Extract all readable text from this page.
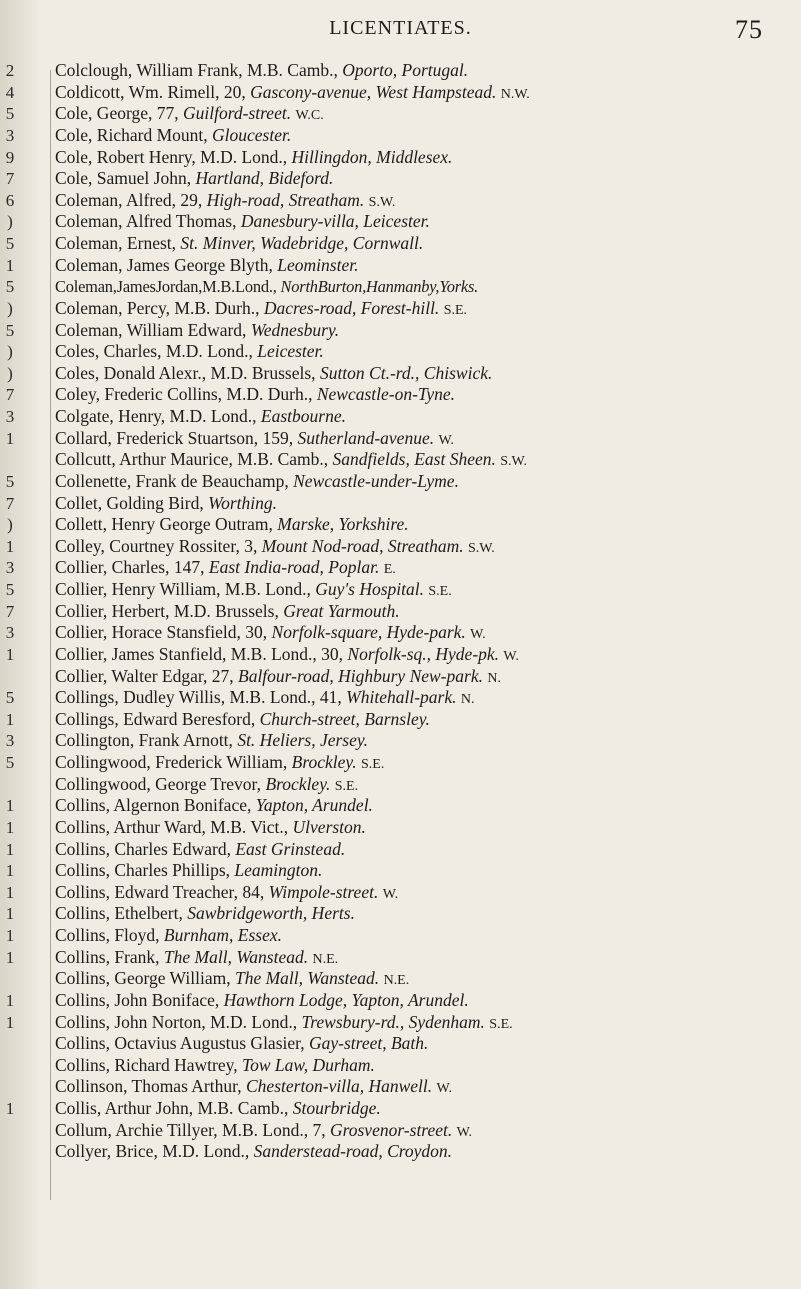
LICENTIATES.	75
2 Colclough, William Frank, M.B. Camb., Oporto, Portugal.
4 Coldicott, Wm. Rimell, 20, Gascony-avenue, West Hampstead. N.W.
5 Cole, George, 77, Guilford-street. W.C.
3 Cole, Richard Mount, Gloucester.
9 Cole, Robert Henry, M.D. Lond., Hillingdon, Middlesex.
7 Cole, Samuel John, Hartland, Bideford.
6 Coleman, Alfred, 29, High-road, Streatham. S.W.
) Coleman, Alfred Thomas, Danesbury-villa, Leicester.
5 Coleman, Ernest, St. Minver, Wadebridge, Cornwall.
1 Coleman, James George Blyth, Leominster.
5 Coleman,JamesJordan,M.B.Lond., NorthBurton,Hanmanby,Yorks.
) Coleman, Percy, M.B. Durh., Dacres-road, Forest-hill. S.E.
5 Coleman, William Edward, Wednesbury.
) Coles, Charles, M.D. Lond., Leicester.
) Coles, Donald Alexr., M.D. Brussels, Sutton Ct.-rd., Chiswick.
7 Coley, Frederic Collins, M.D. Durh., Newcastle-on-Tyne.
3 Colgate, Henry, M.D. Lond., Eastbourne.
1 Collard, Frederick Stuartson, 159, Sutherland-avenue. W.
Collcutt, Arthur Maurice, M.B. Camb., Sandfields, East Sheen. S.W.
5 Collenette, Frank de Beauchamp, Newcastle-under-Lyme.
7 Collet, Golding Bird, Worthing.
) Collett, Henry George Outram, Marske, Yorkshire.
1 Colley, Courtney Rossiter, 3, Mount Nod-road, Streatham. S.W.
3 Collier, Charles, 147, East India-road, Poplar. E.
5 Collier, Henry William, M.B. Lond., Guy's Hospital. S.E.
7 Collier, Herbert, M.D. Brussels, Great Yarmouth.
3 Collier, Horace Stansfield, 30, Norfolk-square, Hyde-park. W.
1 Collier, James Stanfield, M.B. Lond., 30, Norfolk-sq., Hyde-pk. W.
Collier, Walter Edgar, 27, Balfour-road, Highbury New-park. N.
5 Collings, Dudley Willis, M.B. Lond., 41, Whitehall-park. N.
1 Collings, Edward Beresford, Church-street, Barnsley.
3 Collington, Frank Arnott, St. Heliers, Jersey.
5 Collingwood, Frederick William, Brockley. S.E.
Collingwood, George Trevor, Brockley. S.E.
1 Collins, Algernon Boniface, Yapton, Arundel.
1 Collins, Arthur Ward, M.B. Vict., Ulverston.
1 Collins, Charles Edward, East Grinstead.
1 Collins, Charles Phillips, Leamington.
1 Collins, Edward Treacher, 84, Wimpole-street. W.
1 Collins, Ethelbert, Sawbridgeworth, Herts.
1 Collins, Floyd, Burnham, Essex.
1 Collins, Frank, The Mall, Wanstead. N.E.
Collins, George William, The Mall, Wanstead. N.E.
1 Collins, John Boniface, Hawthorn Lodge, Yapton, Arundel.
1 Collins, John Norton, M.D. Lond., Trewsbury-rd., Sydenham. S.E.
Collins, Octavius Augustus Glasier, Gay-street, Bath.
Collins, Richard Hawtrey, Tow Law, Durham.
Collinson, Thomas Arthur, Chesterton-villa, Hanwell. W.
1 Collis, Arthur John, M.B. Camb., Stourbridge.
Collum, Archie Tillyer, M.B. Lond., 7, Grosvenor-street. W.
Collyer, Brice, M.D. Lond., Sanderstead-road, Croydon.
